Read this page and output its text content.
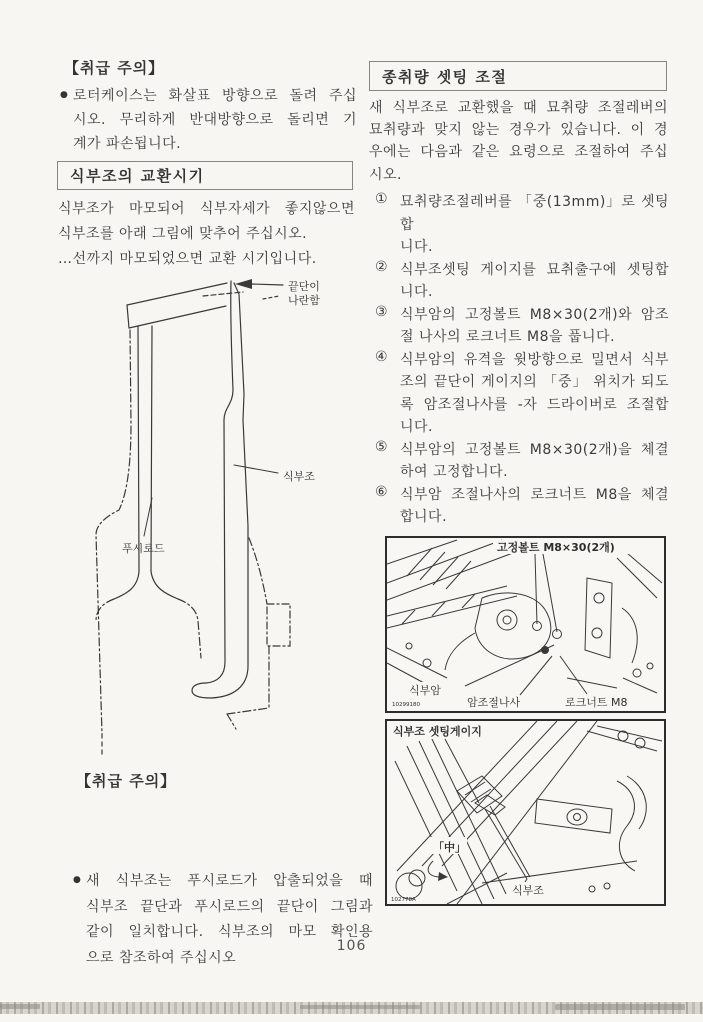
【취급 주의】
● 로터케이스는 화살표 방향으로 돌려 주십
시오. 무리하게 반대방향으로 돌리면 기
계가 파손됩니다.
식부조의 교환시기
식부조가 마모되어 식부자세가 좋지않으면
식부조를 아래 그림에 맞추어 주십시오.
…선까지 마모되었으면 교환 시기입니다.
끝단이
나란함
식부조
푸시로드
【취급 주의】
● 새 식부조는 푸시로드가 압출되었을 때
식부조 끝단과 푸시로드의 끝단이 그림과
같이 일치합니다. 식부조의 마모 확인용
으로 참조하여 주십시오
종취량 셋팅 조절
새 식부조로 교환했을 때 묘취량 조절레버의
묘취량과 맞지 않는 경우가 있습니다. 이 경
우에는 다음과 같은 요령으로 조절하여 주십
시오.
① 묘취량조절레버를 「중(13mm)」로 셋팅합
니다.
② 식부조셋팅 게이지를 묘취출구에 셋팅합
니다.
③ 식부암의 고정볼트 M8×30(2개)와 암조
절 나사의 로크너트 M8을 풉니다.
④ 식부암의 유격을 윗방향으로 밀면서 식부
조의 끝단이 게이지의 「중」 위치가 되도
록 암조절나사를 -자 드라이버로 조절합
니다.
⑤ 식부암의 고정볼트 M8×30(2개)을 체결
하여 고정합니다.
⑥ 식부암 조절나사의 로크너트 M8을 체결
합니다.
고정볼트 M8×30(2개)
식부암
암조절나사	로크너트 M8
10299180
식부조 셋팅게이지
「中」
식부조
102778A
106
